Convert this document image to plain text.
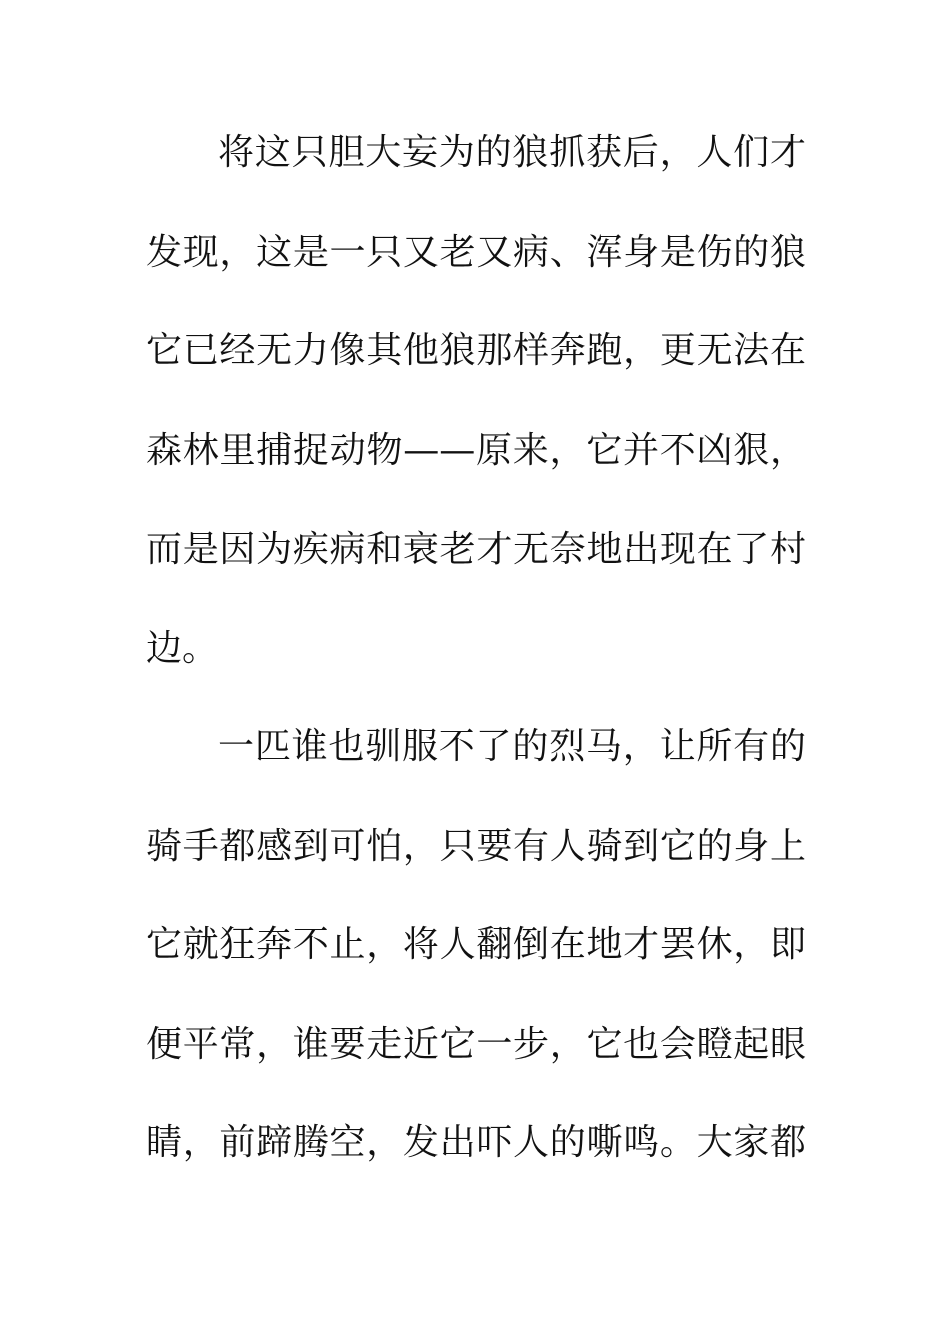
将这只胆大妄为的狼抓获后，人们才
发现，这是一只又老又病、浑身是伤的狼
它已经无力像其他狼那样奔跑，更无法在
森林里捕捉动物——原来，它并不凶狠，
而是因为疾病和衰老才无奈地出现在了村
边。
一匹谁也驯服不了的烈马，让所有的
骑手都感到可怕，只要有人骑到它的身上
它就狂奔不止，将人翻倒在地才罢休，即
便平常，谁要走近它一步，它也会瞪起眼
睛，前蹄腾空，发出吓人的嘶鸣。大家都
